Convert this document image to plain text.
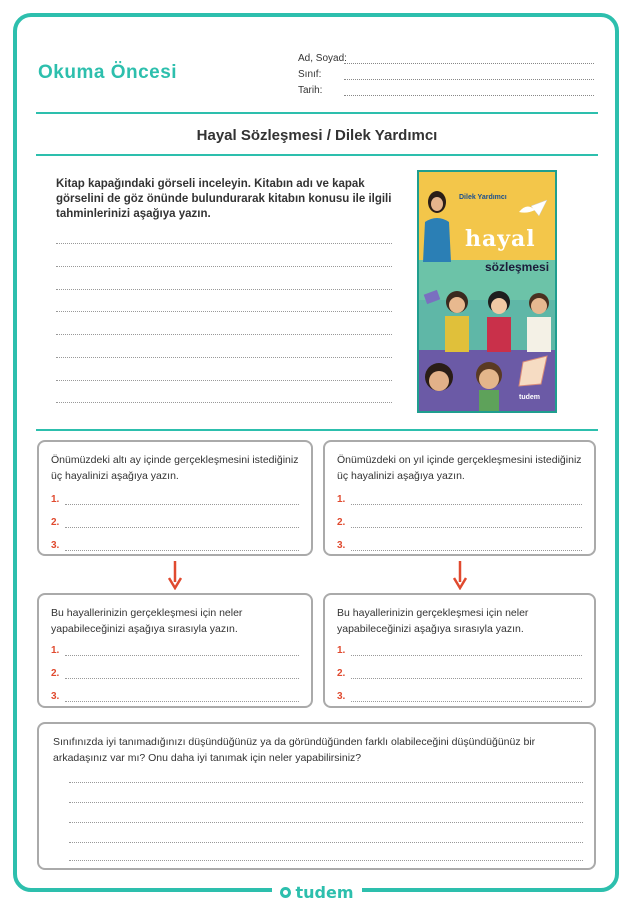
Okuma Öncesi
Ad, Soyad:
Sınıf:
Tarih:
Hayal Sözleşmesi / Dilek Yardımcı
Kitap kapağındaki görseli inceleyin. Kitabın adı ve kapak görselini de göz önünde bulundurarak kitabın konusu ile ilgili tahminlerinizi aşağıya yazın.
Dilek Yardımcı
hayal
sözleşmesi
tudem
Önümüzdeki altı ay içinde gerçekleşmesini istediğiniz üç hayalinizi aşağıya yazın.
1.
2.
3.
Önümüzdeki on yıl içinde gerçekleşmesini istediğiniz üç hayalinizi aşağıya yazın.
1.
2.
3.
Bu hayallerinizin gerçekleşmesi için neler yapabileceğinizi aşağıya sırasıyla yazın.
1.
2.
3.
Bu hayallerinizin gerçekleşmesi için neler yapabileceğinizi aşağıya sırasıyla yazın.
1.
2.
3.
Sınıfınızda iyi tanımadığınızı düşündüğünüz ya da göründüğünden farklı olabileceğini düşündüğünüz bir arkadaşınız var mı? Onu daha iyi tanımak için neler yapabilirsiniz?
tudem
